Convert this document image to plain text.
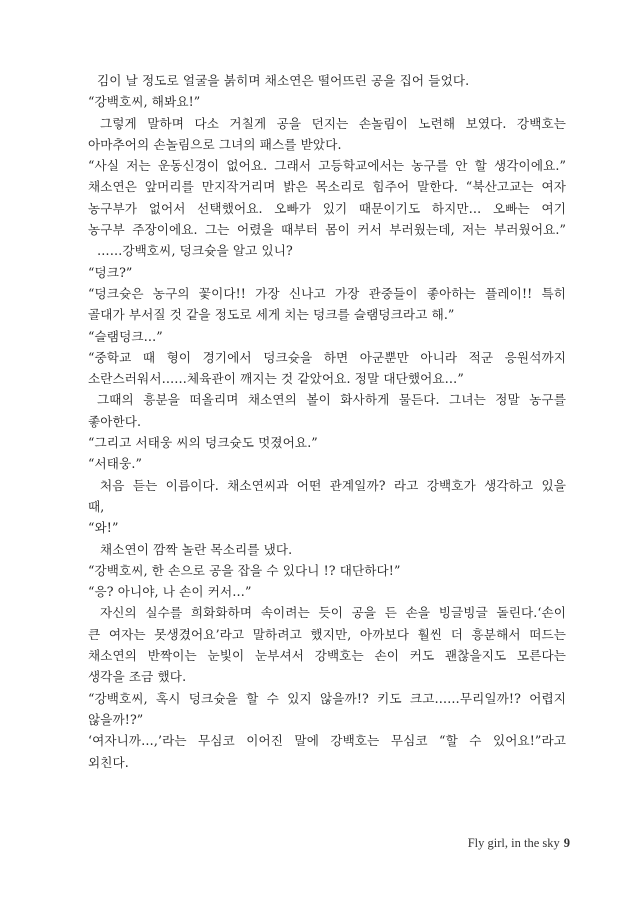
김이 날 정도로 얼굴을 붉히며 채소연은 떨어뜨린 공을 집어 들었다.
“강백호씨, 해봐요!”
그렇게 말하며 다소 거칠게 공을 던지는 손놀림이 노련해 보였다. 강백호는
아마추어의 손놀림으로 그녀의 패스를 받았다.
“사실 저는 운동신경이 없어요. 그래서 고등학교에서는 농구를 안 할 생각이에요.”
채소연은 앞머리를 만지작거리며 밝은 목소리로 힘주어 말한다. “북산고교는 여자
농구부가 없어서 선택했어요. 오빠가 있기 때문이기도 하지만… 오빠는 여기
농구부 주장이에요. 그는 어렸을 때부터 몸이 커서 부러웠는데, 저는 부러웠어요.”
……강백호씨, 덩크슛을 알고 있니?
“덩크?”
“덩크슛은 농구의 꽃이다!! 가장 신나고 가장 관중들이 좋아하는 플레이!! 특히
골대가 부서질 것 같을 정도로 세게 치는 덩크를 슬램덩크라고 해.”
“슬램덩크…”
“중학교 때 형이 경기에서 덩크슛을 하면 아군뿐만 아니라 적군 응원석까지
소란스러워서……체육관이 깨지는 것 같았어요. 정말 대단했어요…”
그때의 흥분을 떠올리며 채소연의 볼이 화사하게 물든다. 그녀는 정말 농구를
좋아한다.
“그리고 서태웅 씨의 덩크슛도 멋졌어요.”
“서태웅.”
처음 듣는 이름이다. 채소연씨과 어떤 관계일까? 라고 강백호가 생각하고 있을
때,
“와!”
채소연이 깜짝 놀란 목소리를 냈다.
“강백호씨, 한 손으로 공을 잡을 수 있다니 !? 대단하다!”
“응? 아니야, 나 손이 커서…”
자신의 실수를 희화화하며 속이려는 듯이 공을 든 손을 빙글빙글 돌린다.‘손이
큰 여자는 못생겼어요’라고 말하려고 했지만, 아까보다 훨씬 더 흥분해서 떠드는
채소연의 반짝이는 눈빛이 눈부셔서 강백호는 손이 커도 괜찮을지도 모른다는
생각을 조금 했다.
“강백호씨, 혹시 덩크슛을 할 수 있지 않을까!? 키도 크고……무리일까!? 어렵지
않을까!?”
‘여자니까…,’라는 무심코 이어진 말에 강백호는 무심코 “할 수 있어요!”라고
외친다.
Fly girl, in the sky 9
